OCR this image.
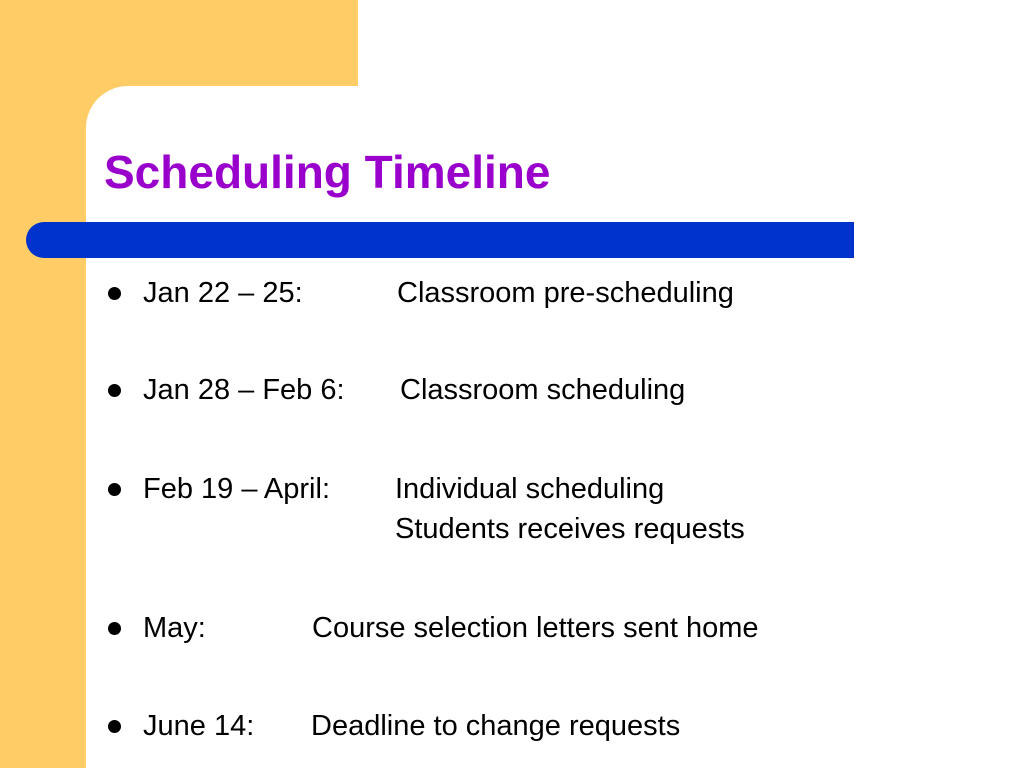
Scheduling Timeline
Jan 22 – 25:	Classroom pre-scheduling
Jan 28 – Feb 6: Classroom scheduling
Feb 19 – April: Individual scheduling
Students receives requests
May:	Course selection letters sent home
June 14: Deadline to change requests
